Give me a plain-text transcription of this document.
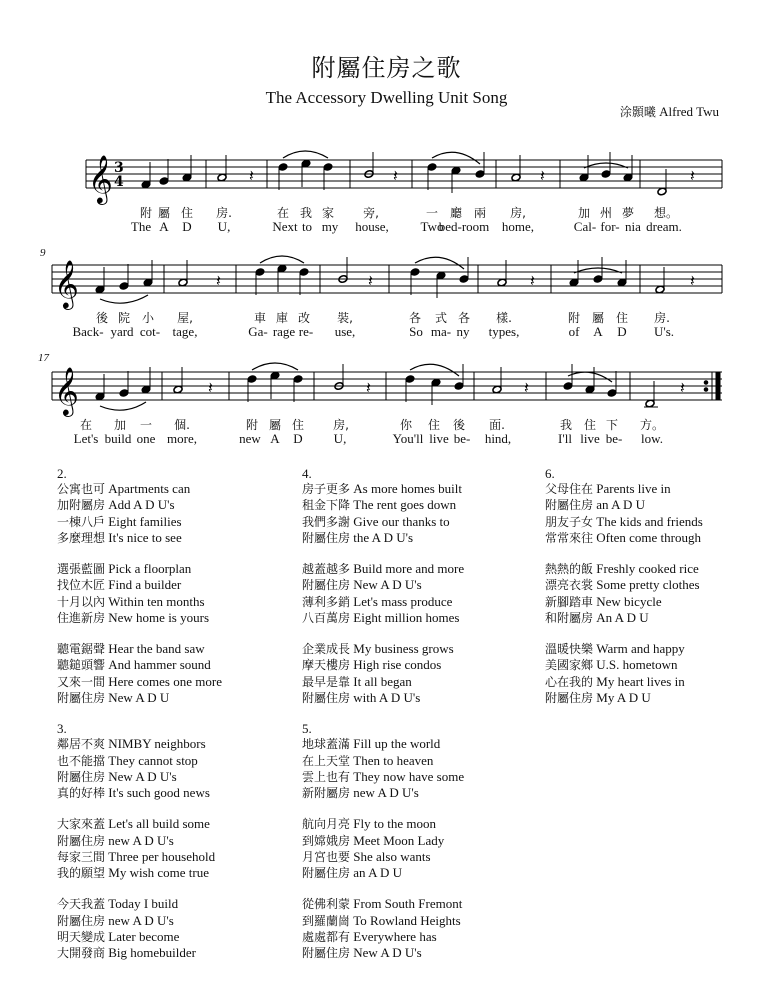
附屬住房之歌
The Accessory Dwelling Unit Song
涂顥曦 Alfred Twu
𝄞 3
4	𝄽	𝄽	𝄽	𝄽
附 屬 住 房.	在 我 家 旁,	一 廳 兩 房,	加 州 夢 想。
The A D U,	Next to my house, Two
bed-room home,	Cal- for- nia dream.
9
𝄞	𝄽	𝄽	𝄽	𝄽
後 院 小 屋,	車 庫 改 裝,	各 式 各 樣.	附 屬 住 房.
Back- yard cot- tage,	Ga- rage re- use,	So ma- ny types,	of A D U's.
17
𝄞	𝄽	𝄽	𝄽	𝄽
在 加 一 個.	附 屬 住 房,	你 住 後 面.	我 住 下 方。
Let's build one more,	new A D U,	You'll live be- hind,	I'll live be- low.
2.
公寓也可 Apartments can
加附屬房 Add A D U's
一棟八戶 Eight families
多麼理想 It's nice to see
選張藍圖 Pick a floorplan
找位木匠 Find a builder
十月以內 Within ten months
住進新房 New home is yours
聽電鋸聲 Hear the band saw
聽鎚頭響 And hammer sound
又來一間 Here comes one more
附屬住房 New A D U
3.
鄰居不爽 NIMBY neighbors
也不能擋 They cannot stop
附屬住房 New A D U's
真的好棒 It's such good news
大家來蓋 Let's all build some
附屬住房 new A D U's
每家三間 Three per household
我的願望 My wish come true
今天我蓋 Today I build
附屬住房 new A D U's
明天變成 Later become
大開發商 Big homebuilder
4.
房子更多 As more homes built
租金下降 The rent goes down
我們多謝 Give our thanks to
附屬住房 the A D U's
越蓋越多 Build more and more
附屬住房 New A D U's
薄利多銷 Let's mass produce
八百萬房 Eight million homes
企業成長 My business grows
摩天樓房 High rise condos
最早是靠 It all began
附屬住房 with A D U's
5.
地球蓋滿 Fill up the world
在上天堂 Then to heaven
雲上也有 They now have some
新附屬房 new A D U's
航向月亮 Fly to the moon
到嫦娥房 Meet Moon Lady
月宮也要 She also wants
附屬住房 an A D U
從佛利蒙 From South Fremont
到羅蘭崗 To Rowland Heights
處處都有 Everywhere has
附屬住房 New A D U's
6.
父母住在 Parents live in
附屬住房 an A D U
朋友子女 The kids and friends
常常來往 Often come through
熱熱的飯 Freshly cooked rice
漂亮衣裳 Some pretty clothes
新腳踏車 New bicycle
和附屬房 An A D U
溫暖快樂 Warm and happy
美國家鄉 U.S. hometown
心在我的 My heart lives in
附屬住房 My A D U
